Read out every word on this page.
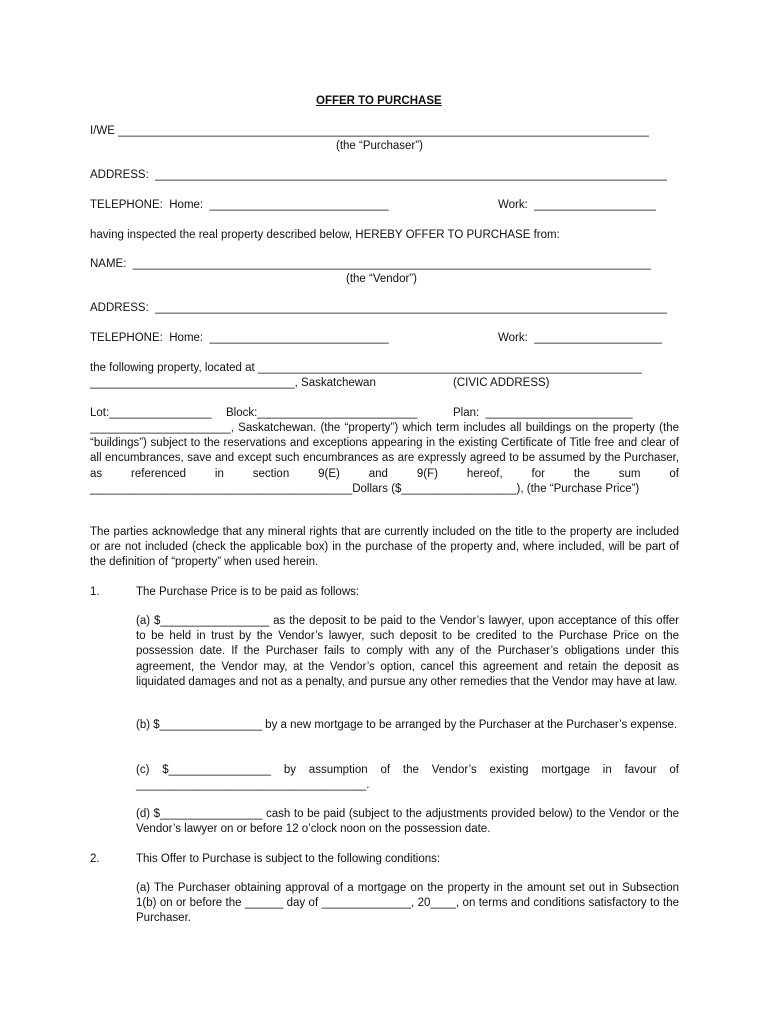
OFFER TO PURCHASE
I/WE ___________________________________________________________________________________
(the “Purchaser”)
ADDRESS:  ________________________________________________________________________________
TELEPHONE:  Home:  ____________________________	Work:  ___________________
having inspected the real property described below, HEREBY OFFER TO PURCHASE from:
NAME:  _________________________________________________________________________________
(the “Vendor”)
ADDRESS:  ________________________________________________________________________________
TELEPHONE:  Home:  ____________________________	Work:  ____________________
the following property, located at ____________________________________________________________
________________________________, Saskatchewan	(CIVIC ADDRESS)
Lot:________________ Block:_________________________	Plan:  _______________________
______________________, Saskatchewan. (the “property”) which term includes all buildings on the property (the “buildings”) subject to the reservations and exceptions appearing in the existing Certificate of Title free and clear of all encumbrances, save and except such encumbrances as are expressly agreed to be assumed by the Purchaser, as referenced in section 9(E) and 9(F) hereof, for the sum of _________________________________________Dollars ($__________________), (the “Purchase Price”)
The parties acknowledge that any mineral rights that are currently included on the title to the property are included or are not included (check the applicable box) in the purchase of the property and, where included, will be part of the definition of “property” when used herein.
1.	The Purchase Price is to be paid as follows:
(a) $_________________ as the deposit to be paid to the Vendor’s lawyer, upon acceptance of this offer to be held in trust by the Vendor’s lawyer, such deposit to be credited to the Purchase Price on the possession date. If the Purchaser fails to comply with any of the Purchaser’s obligations under this agreement, the Vendor may, at the Vendor’s option, cancel this agreement and retain the deposit as liquidated damages and not as a penalty, and pursue any other remedies that the Vendor may have at law.
(b) $________________ by a new mortgage to be arranged by the Purchaser at the Purchaser’s expense.
(c) $________________ by assumption of the Vendor’s existing mortgage in favour of ____________________________________.
(d) $________________ cash to be paid (subject to the adjustments provided below) to the Vendor or the Vendor’s lawyer on or before 12 o’clock noon on the possession date.
2.	This Offer to Purchase is subject to the following conditions:
(a) The Purchaser obtaining approval of a mortgage on the property in the amount set out in Subsection 1(b) on or before the ______ day of ______________, 20____, on terms and conditions satisfactory to the Purchaser.
